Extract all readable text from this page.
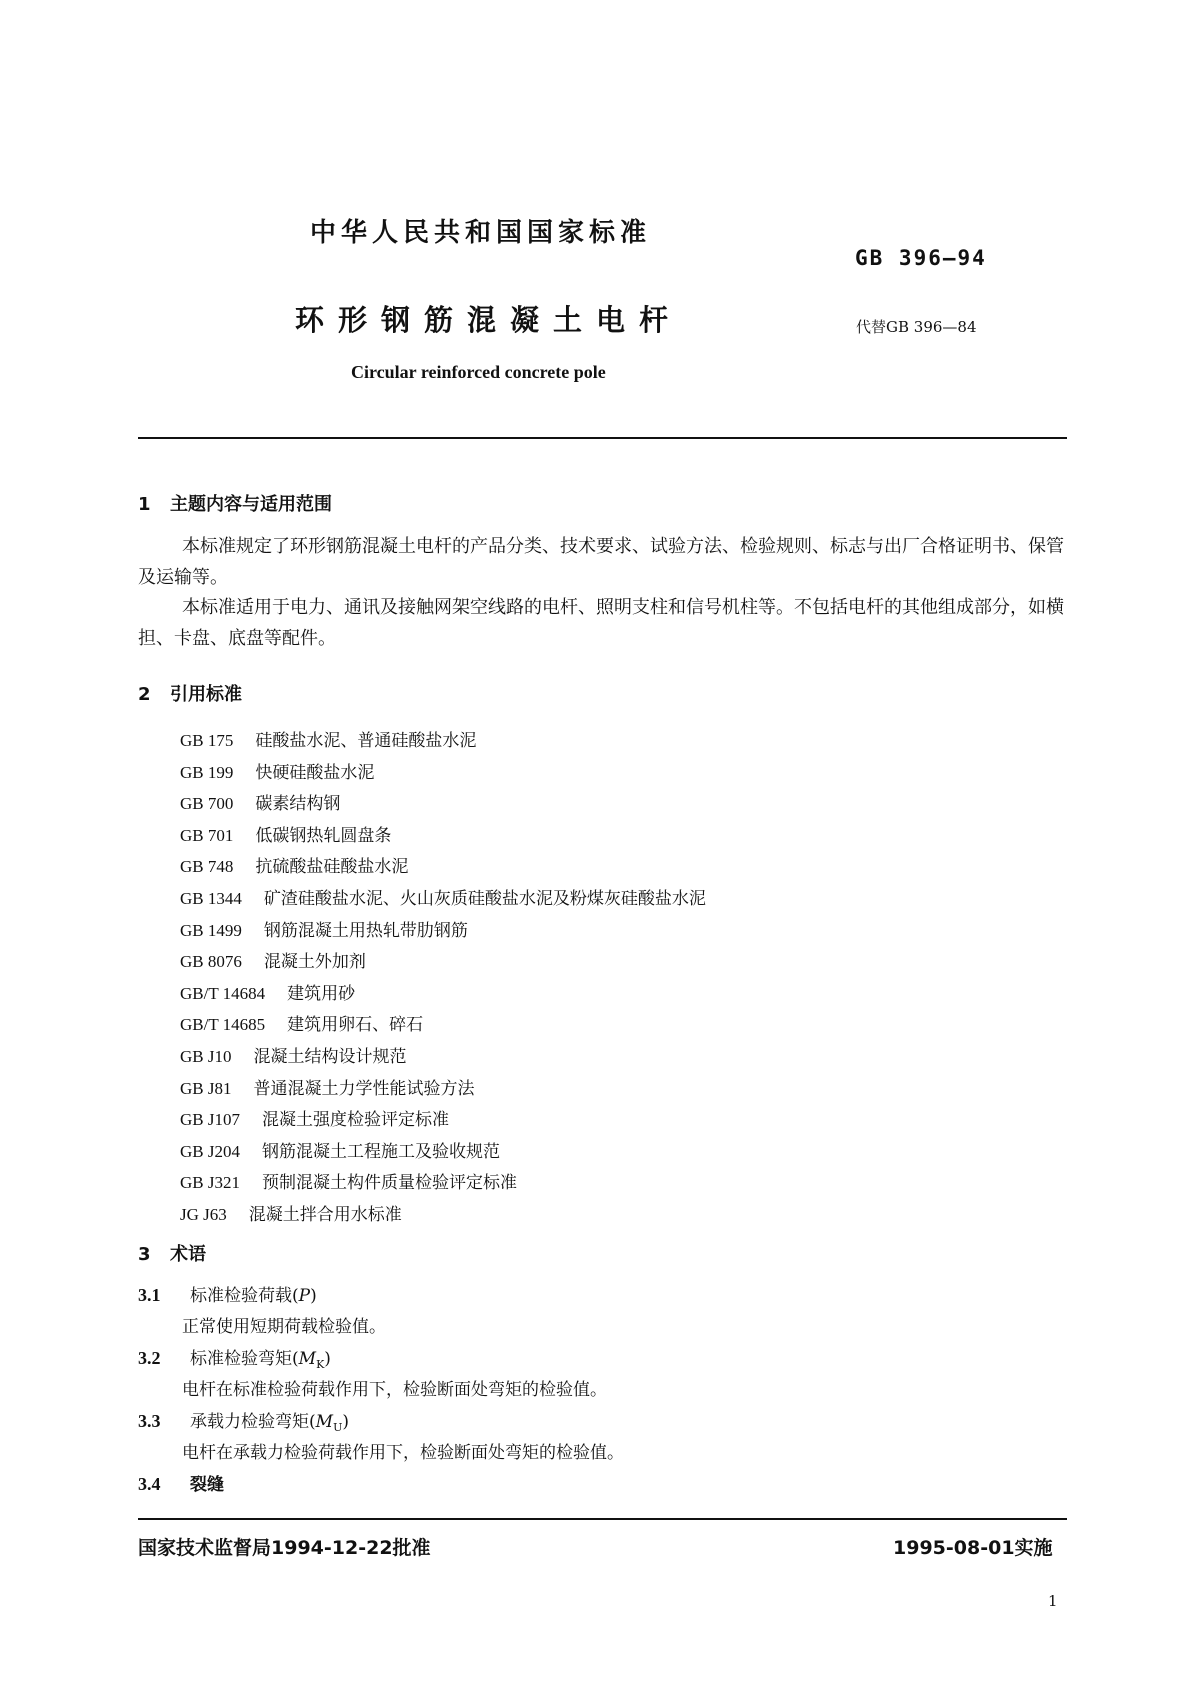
中华人民共和国国家标准
GB 396—94
环形钢筋混凝土电杆	代替GB 396—84
Circular reinforced concrete pole
1 主题内容与适用范围
本标准规定了环形钢筋混凝土电杆的产品分类、技术要求、试验方法、检验规则、标志与出厂合格证明书、保管及运输等。
本标准适用于电力、通讯及接触网架空线路的电杆、照明支柱和信号机柱等。不包括电杆的其他组成部分，如横担、卡盘、底盘等配件。
2 引用标准
GB 175 硅酸盐水泥、普通硅酸盐水泥
GB 199 快硬硅酸盐水泥
GB 700 碳素结构钢
GB 701 低碳钢热轧圆盘条
GB 748 抗硫酸盐硅酸盐水泥
GB 1344 矿渣硅酸盐水泥、火山灰质硅酸盐水泥及粉煤灰硅酸盐水泥
GB 1499 钢筋混凝土用热轧带肋钢筋
GB 8076 混凝土外加剂
GB/T 14684 建筑用砂
GB/T 14685 建筑用卵石、碎石
GB J10 混凝土结构设计规范
GB J81 普通混凝土力学性能试验方法
GB J107 混凝土强度检验评定标准
GB J204 钢筋混凝土工程施工及验收规范
GB J321 预制混凝土构件质量检验评定标准
JG J63 混凝土拌合用水标准
3 术语
3.1 标准检验荷载(P)
正常使用短期荷载检验值。
3.2 标准检验弯矩$(M_K)$
电杆在标准检验荷载作用下，检验断面处弯矩的检验值。
3.3 承载力检验弯矩$(M_U)$
电杆在承载力检验荷载作用下，检验断面处弯矩的检验值。
3.4 裂缝
国家技术监督局1994-12-22批准	1995-08-01实施
1
